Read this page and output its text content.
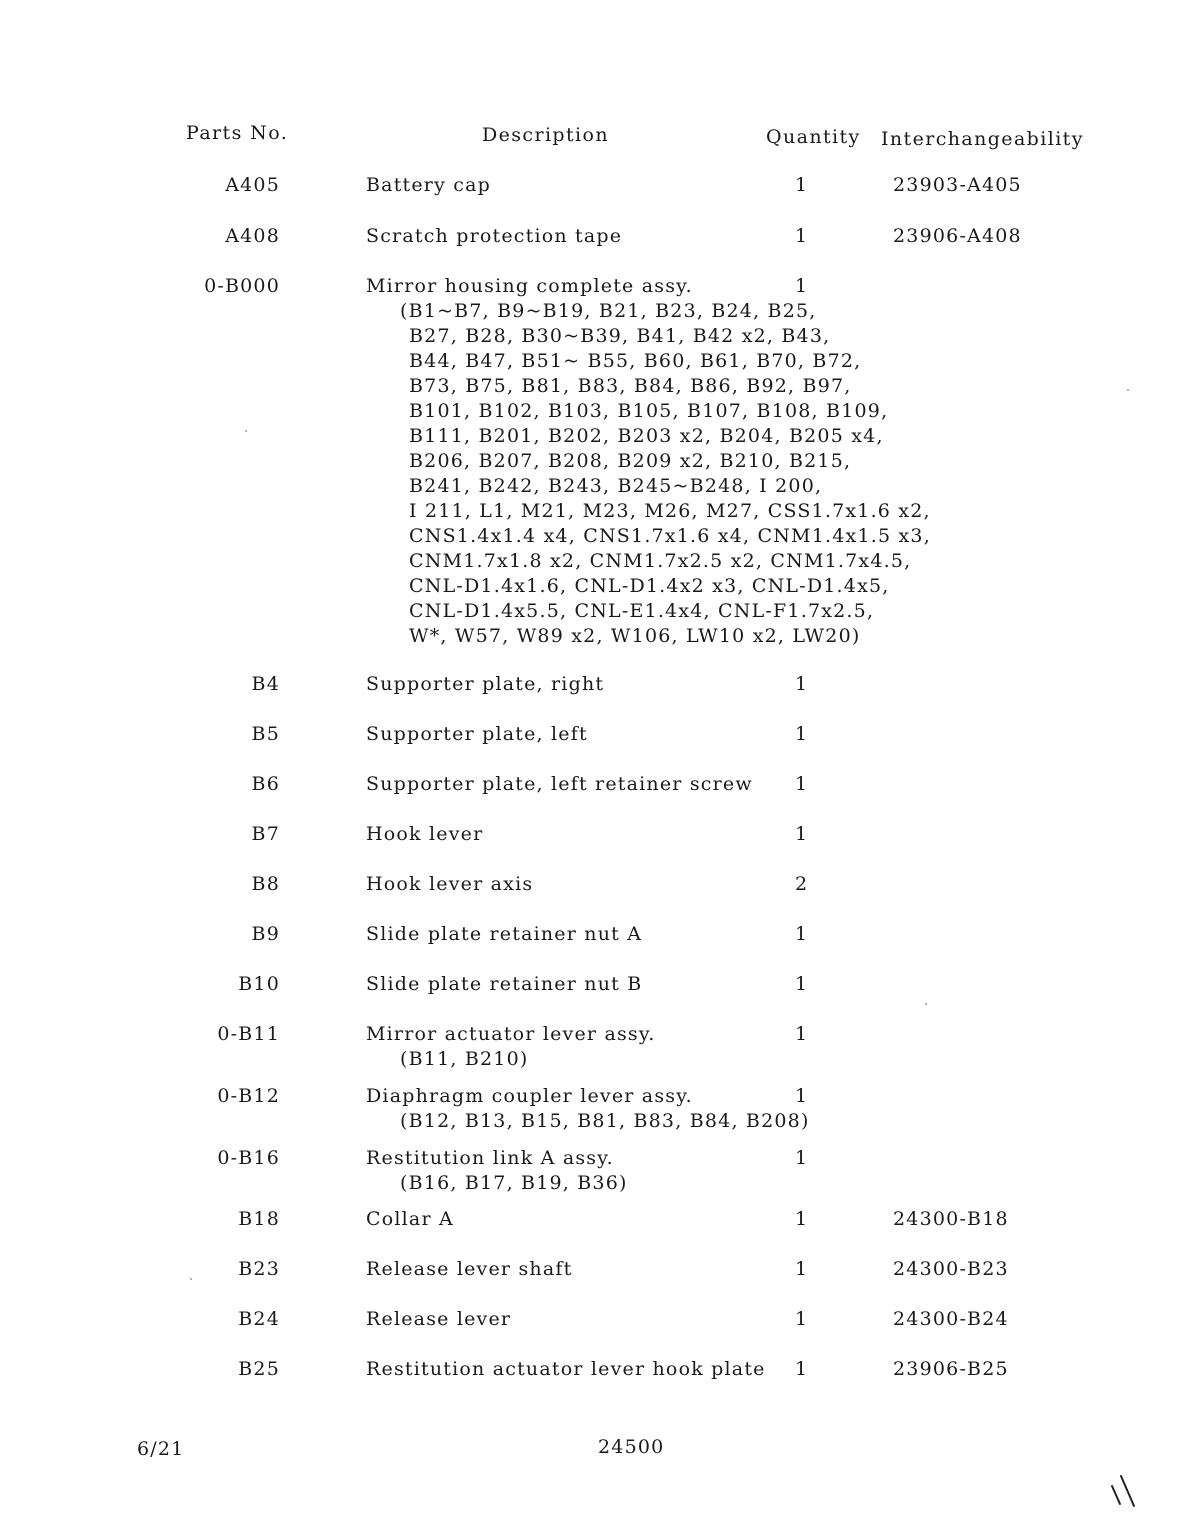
Parts No.	Description	Quantity Interchangeability
A405	Battery cap	1	23903-A405
A408	Scratch protection tape	1	23906-A408
0-B000	Mirror housing complete assy.	1
(B1~B7, B9~B19, B21, B23, B24, B25,
B27, B28, B30~B39, B41, B42 x2, B43,
B44, B47, B51~ B55, B60, B61, B70, B72,
B73, B75, B81, B83, B84, B86, B92, B97,
B101, B102, B103, B105, B107, B108, B109,
B111, B201, B202, B203 x2, B204, B205 x4,
B206, B207, B208, B209 x2, B210, B215,
B241, B242, B243, B245~B248, I 200,
I 211, L1, M21, M23, M26, M27, CSS1.7x1.6 x2,
CNS1.4x1.4 x4, CNS1.7x1.6 x4, CNM1.4x1.5 x3,
CNM1.7x1.8 x2, CNM1.7x2.5 x2, CNM1.7x4.5,
CNL-D1.4x1.6, CNL-D1.4x2 x3, CNL-D1.4x5,
CNL-D1.4x5.5, CNL-E1.4x4, CNL-F1.7x2.5,
W*, W57, W89 x2, W106, LW10 x2, LW20)
B4	Supporter plate, right	1
B5	Supporter plate, left	1
B6	Supporter plate, left retainer screw 1
B7	Hook lever	1
B8	Hook lever axis	2
B9	Slide plate retainer nut A	1
B10	Slide plate retainer nut B	1
0-B11	Mirror actuator lever assy.	1
(B11, B210)
0-B12	Diaphragm coupler lever assy.	1
(B12, B13, B15, B81, B83, B84, B208)
0-B16	Restitution link A assy.	1
(B16, B17, B19, B36)
B18	Collar A	1	24300-B18
B23	Release lever shaft	1	24300-B23
B24	Release lever	1	24300-B24
B25	Restitution actuator lever hook plate 1	23906-B25
6/21	24500
